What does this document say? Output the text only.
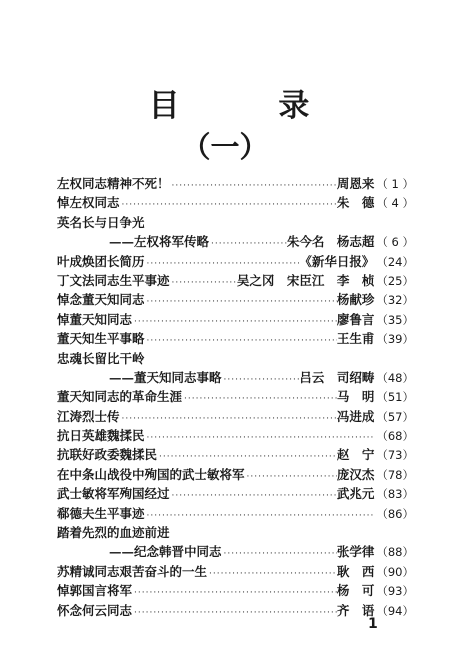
目 录
（一）
左权同志精神不死！ ·····	周恩来 （ 1 ）
悼左权同志 ·····	朱　德 （ 4 ）
英名长与日争光
——左权将军传略 ·····	朱今名　杨志超 （ 6 ）
叶成焕团长简历 ·····	《新华日报》 （24）
丁文法同志生平事迹 ·····	吴之冈　宋臣江　李　桢 （25）
悼念董天知同志 ·····	杨献珍 （32）
悼董天知同志 ·····	廖鲁言 （35）
董天知生平事略 ·····	王生甫 （39）
忠魂长留比干岭
——董天知同志事略 ·····	吕云　司绍畴 （48）
董天知同志的革命生涯 ·····	马　明 （51）
江涛烈士传 ·····	冯进成 （57）
抗日英雄魏揉民 ·····	（68）
抗联好政委魏揉民 ·····	赵　宁 （73）
在中条山战役中殉国的武士敏将军 ·····	庞汉杰 （78）
武士敏将军殉国经过 ·····	武兆元 （83）
郗德夫生平事迹 ·····	（86）
踏着先烈的血迹前进
——纪念韩晋中同志 ·····	张学律 （88）
苏精诚同志艰苦奋斗的一生 ·····	耿　西 （90）
悼郭国言将军 ·····	杨　可 （93）
怀念何云同志 ·····	齐　语 （94）
1
